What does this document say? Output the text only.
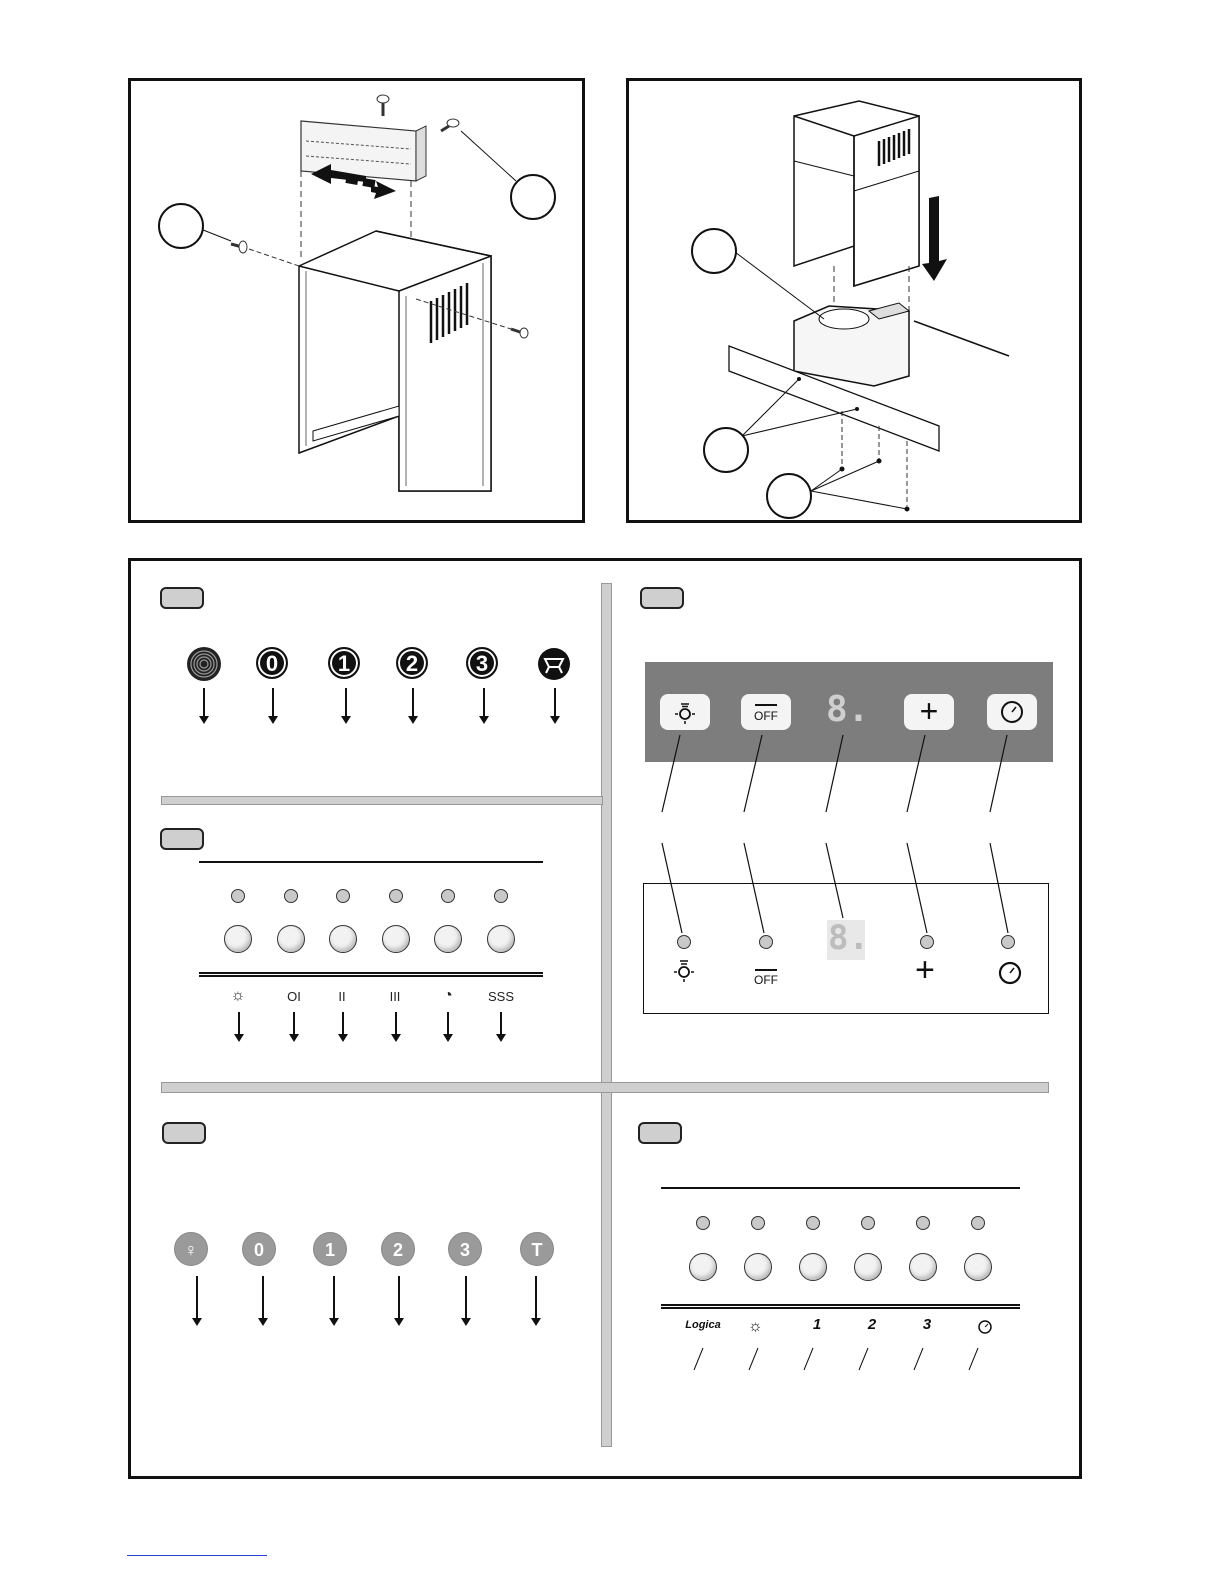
0	1	2	3
☼	OI	II	III	◔	SSS
♀	0	1	2	3	T
OFF	8.	+
8.
OFF	+
Logica ☼	1	2	3
